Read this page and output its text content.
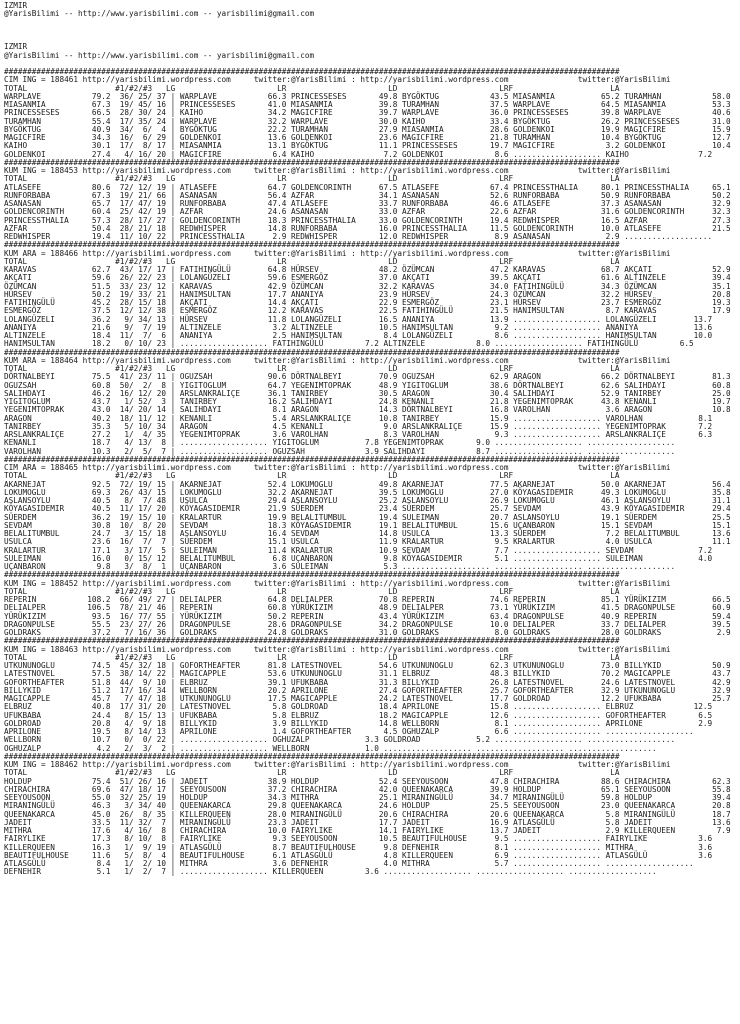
IZMIR
@YarisBilimi -- http://www.yarisbilimi.com -- yarisbilimi@gmail.com

IZMIR
@YarisBilimi -- http://www.yarisbilimi.com -- yarisbilimi@gmail.com

#####################################################################################################################################
CIM ING = 188461 http://yarisbilimi.wordpress.com     twitter:@YarisBilimi : http://yarisbilimi.wordpress.com               twitter:@YarisBilimi
TOTAL                   #1/#2/#3   LG                      LR                      LD                      LRF                     LA
WARPLAVE           79.2  36/ 25/ 37 | WARPLAVE           66.3 PRINCESSESES       49.8 BYGÖKTUG           43.5 MIASANMIA          65.2 TURAMHAN           58.0
MIASANMIA          67.3  19/ 45/ 16 | PRINCESSESES       41.0 MIASANMIA          39.8 TURAMHAN           37.5 WARPLAVE           64.5 MIASANMIA          53.3
PRINCESSESES       66.5  28/ 30/ 24 | KAIHO              34.2 MAGICFIRE          39.7 WARPLAVE           36.0 PRINCESSESES       39.8 WARPLAVE           40.6
TURAMHAN           55.4  17/ 35/ 24 | WARPLAVE           32.2 WARPLAVE           30.0 KAIHO              33.4 BYGÖKTUG           26.2 PRINCESSESES       31.0
BYGÖKTUG           40.9  34/  6/  4 | BYGÖKTUG           22.2 TURAMHAN           27.9 MIASANMIA          28.6 GOLDENKOI          19.9 MAGICFIRE          15.9
MAGICFIRE          34.3  16/  6/ 29 | GOLDENKOI          13.6 GOLDENKOI          23.6 MAGICFIRE          21.8 TURAMHAN           10.4 BYGÖKTUG           12.7
KAIHO              30.1  17/  8/ 17 | MIASANMIA          13.1 BYGÖKTUG           11.1 PRINCESSESES       19.7 MAGICFIRE           3.2 GOLDENKOI          10.4
GOLDENKOI          27.4   4/ 16/ 20 | MAGICFIRE           6.4 KAIHO               7.2 GOLDENKOI           8.6 ................... KAIHO               7.2
#####################################################################################################################################
KUM ING = 188453 http://yarisbilimi.wordpress.com     twitter:@YarisBilimi : http://yarisbilimi.wordpress.com               twitter:@YarisBilimi
TOTAL                   #1/#2/#3   LG                      LR                      LD                      LRF                     LA
ATLASEFE           80.6  72/ 12/ 19 | ATLASEFE           64.7 GOLDENCORINTH      67.5 ATLASEFE           67.4 PRINCESSTHALIA     80.1 PRINCESSTHALIA     65.1
RUNFORBABA         67.3  19/ 21/ 66 | ASANASAN           56.4 AZFAR              34.1 ASANASAN           52.6 RUNFORBABA         50.9 RUNFORBABA         50.2
ASANASAN           65.7  17/ 47/ 19 | RUNFORBABA         47.4 ATLASEFE           33.7 RUNFORBABA         46.6 ATLASEFE           37.3 ASANASAN           32.9
GOLDENCORINTH      60.4  25/ 42/ 19 | AZFAR              24.6 ASANASAN           33.0 AZFAR              22.6 AZFAR              31.6 GOLDENCORINTH      32.3
PRINCESSTHALIA     57.3  28/ 17/ 27 | GOLDENCORINTH      18.3 PRINCESSTHALIA     33.0 GOLDENCORINTH      19.4 REDWHISPER         16.5 AZFAR              27.3
AZFAR              50.4  28/ 21/ 18 | REDWHISPER         14.8 RUNFORBABA         16.0 PRINCESSTHALIA     11.5 GOLDENCORINTH      10.0 ATLASEFE           21.5
REDWHISPER         19.4  11/ 10/ 22 | PRINCESSTHALIA      2.9 REDWHISPER         12.0 REDWHISPER          8.9 ASANASAN            2.9 ...................
#####################################################################################################################################
KUM ARA = 188466 http://yarisbilimi.wordpress.com     twitter:@YarisBilimi : http://yarisbilimi.wordpress.com               twitter:@YarisBilimi
TOTAL                   #1/#2/#3   LG                      LR                      LD                      LRF                     LA
KARAVAS            62.7  43/ 17/ 17 | FATIHINGÜLÜ        64.8 HÜRSEV             48.2 ÖZÜMCAN            47.2 KARAVAS            68.7 AKÇATI             52.9
AKÇATI             59.6  26/ 22/ 23 | LOLANGÜZELI        59.6 ESMERGÖZ           37.0 AKÇATI             39.5 AKÇATI             61.6 ALTINZELE          39.4
ÖZÜMCAN            51.5  33/ 23/ 12 | KARAVAS            42.9 ÖZÜMCAN            32.2 KARAVAS            34.0 FATIHINGÜLÜ        34.3 ÖZÜMCAN            35.1
HÜRSEV             50.2  19/ 33/ 21 | HANIMSULTAN        17.7 ANANIYA            23.9 HÜRSEV             24.3 ÖZÜMCAN            32.2 HÜRSEV             20.8
FATIHINGÜLÜ        45.2  28/ 15/ 18 | AKÇATI             14.4 AKÇATI             22.9 ESMERGÖZ           23.1 HÜRSEV             23.7 ESMERGÖZ           19.3
ESMERGÖZ           37.5  12/ 12/ 38 | ESMERGÖZ           12.2 KARAVAS            22.5 FATIHINGÜLÜ        21.5 HANIMSULTAN         8.7 KARAVAS            17.9
LOLANGÜZELI        36.2   9/ 34/ 13 | HÜRSEV             11.8 LOLANGÜZELI        16.5 ANANIYA            13.9 ................... LOLANGÜZELI        13.7
ANANIYA            21.6   9/  7/ 19 | ALTINZELE           3.2 ALTINZELE          10.5 HANIMSULTAN         9.2 ................... ANANIYA            13.6
ALTINZELE          18.4  11/  7/  6 | ANANIYA             2.5 HANIMSULTAN         8.4 LOLANGÜZELI         8.6 ................... HANIMSULTAN        10.0
HANIMSULTAN        18.2   0/ 10/ 23 | ................... FATIHINGÜLÜ         7.2 ALTINZELE           8.0 ................... FATIHINGÜLÜ         6.5
#####################################################################################################################################
KUM ARA = 188464 http://yarisbilimi.wordpress.com     twitter:@YarisBilimi : http://yarisbilimi.wordpress.com               twitter:@YarisBilimi
TOTAL                   #1/#2/#3   LG                      LR                      LD                      LRF                     LA
DÖRTNALBEYI        75.5  41/ 23/ 11 | OGUZSAH            90.6 DÖRTNALBEYI        70.9 OGUZSAH            62.9 ARAGON             66.2 DÖRTNALBEYI        81.3
OGUZSAH            60.8  50/  2/  8 | YIGITOGLUM         64.7 YEGENIMTOPRAK      48.9 YIGITOGLUM         38.6 DÖRTNALBEYI        62.6 SALIHDAYI          60.8
SALIHDAYI          46.2  16/ 12/ 20 | ARSLANKRALIÇE      36.1 TANIRBEY           30.5 ARAGON             30.4 SALIHDAYI          52.9 TANIRBEY           25.0
YIGITOGLUM         43.7   1/ 52/  3 | TANIRBEY           16.2 SALIHDAYI          24.8 KENANLI            21.8 YEGENIMTOPRAK      43.8 KENANLI            19.7
YEGENIMTOPRAK      43.0  14/ 20/ 14 | SALIHDAYI           8.1 ARAGON             14.3 DÖRTNALBEYI        16.8 VAROLHAN            3.6 ARAGON             10.8
ARAGON             40.2  18/ 11/ 12 | KENANLI             5.4 ARSLANKRALIÇE      10.8 TANIRBEY           15.9 ................... VAROLHAN            8.1
TANIRBEY           35.3   5/ 10/ 34 | ARAGON              4.5 KENANLI             9.0 ARSLANKRALIÇE      15.9 ................... YEGENIMTOPRAK       7.2
ARSLANKRALIÇE      27.2   1/  4/ 35 | YEGENIMTOPRAK       3.6 VAROLHAN            8.3 VAROLHAN            9.3 ................... ARSLANKRALIÇE       6.3
KENANLI            18.7   4/ 13/  8 | ................... YIGITOGLUM          7.8 YEGENIMTOPRAK       9.0 ................... ...................
VAROLHAN           10.3   2/  5/  7 | ................... OGUZSAH             3.9 SALIHDAYI           8.7 ................... ...................
#####################################################################################################################################
CIM ARA = 188465 http://yarisbilimi.wordpress.com     twitter:@YarisBilimi : http://yarisbilimi.wordpress.com               twitter:@YarisBilimi
TOTAL                   #1/#2/#3   LG                      LR                      LD                      LRF                     LA
AKARNEJAT          92.5  72/ 19/ 15 | AKARNEJAT          52.4 LOKUMOGLU          49.8 AKARNEJAT          77.5 AKARNEJAT          50.0 AKARNEJAT          56.4
LOKUMOGLU          69.3  26/ 43/ 15 | LOKUMOGLU          32.2 AKARNEJAT          39.5 LOKUMOGLU          27.0 KÖYAGASIDEMIR      49.3 LOKUMOGLU          35.8
ASLANSOYLU         40.5   8/  7/ 48 | USULCA             29.4 ASLANSOYLU         25.2 ASLANSOYLU         26.9 LOKUMOGLU          46.1 ASLANSOYLU         31.1
KÖYAGASIDEMIR      40.5  11/ 17/ 20 | KÖYAGASIDEMIR      21.9 SÜERDEM            23.4 SÜERDEM            25.7 SEVDAM             43.9 KÖYAGASIDEMIR      29.4
SÜERDEM            36.2  19/ 15/ 10 | KRALARTUR          19.9 BELALITUMBUL       19.4 SULEIMAN           20.7 ASLANSOYLU         19.1 SÜERDEM            25.5
SEVDAM             30.8  10/  8/ 20 | SEVDAM             18.3 KÖYAGASIDEMIR      19.1 BELALITUMBUL       15.6 UÇANBARON          15.1 SEVDAM             15.1
BELALITUMBUL       24.7   3/ 15/ 18 | ASLANSOYLU         16.4 SEVDAM             14.8 USULCA             13.3 SÜERDEM             7.2 BELALITUMBUL       13.6
USULCA             23.6  16/  7/  7 | SÜERDEM            15.1 USULCA             11.9 KRALARTUR           9.5 KRALARTUR           4.0 USULCA             11.1
KRALARTUR          17.1   3/ 17/  5 | SULEIMAN           11.4 KRALARTUR          10.9 SEVDAM              7.7 ................... SEVDAM              7.2
SULEIMAN           16.0   0/ 15/ 12 | BELALITUMBUL        6.8 UÇANBARON           9.8 KÖYAGASIDEMIR       5.1 ................... SULEIMAN            4.0
UÇANBARON           9.8   3/  8/  1 | UÇANBARON           3.6 SULEIMAN            5.3 ................... ................... ...................
#####################################################################################################################################
KUM ING = 188452 http://yarisbilimi.wordpress.com     twitter:@YarisBilimi : http://yarisbilimi.wordpress.com               twitter:@YarisBilimi
TOTAL                   #1/#2/#3   LG                      LR                      LD                      LRF                     LA
REPERIN           108.2  66/ 49/ 27 | DELIALPER          64.8 DELIALPER          70.8 REPERIN            74.6 REPERIN            85.1 YÜRÜKIZIM          66.5
DELIALPER         106.5  78/ 21/ 46 | REPERIN            60.8 YÜRÜKIZIM          48.9 DELIALPER          73.1 YÜRÜKIZIM          41.5 DRAGONPULSE        60.9
YÜRÜKIZIM          93.5  16/ 77/ 55 | YÜRÜKIZIM          50.2 REPERIN            43.4 YÜRÜKIZIM          63.4 DRAGONPULSE        40.9 REPERIN            59.4
DRAGONPULSE        55.5  23/ 27/ 26 | DRAGONPULSE        28.6 DRAGONPULSE        34.2 DRAGONPULSE        10.0 DELIALPER          33.7 DELIALPER          39.5
GOLDRAKS           37.2   7/ 16/ 36 | GOLDRAKS           24.8 GOLDRAKS           31.0 GOLDRAKS            8.0 GOLDRAKS           28.0 GOLDRAKS            2.9
#####################################################################################################################################
KUM ING = 188463 http://yarisbilimi.wordpress.com     twitter:@YarisBilimi : http://yarisbilimi.wordpress.com               twitter:@YarisBilimi
TOTAL                   #1/#2/#3   LG                      LR                      LD                      LRF                     LA
UTKUNUNOGLU        74.5  45/ 32/ 18 | GOFORTHEAFTER      81.8 LATESTNOVEL        54.6 UTKUNUNOGLU        62.3 UTKUNUNOGLU        73.0 BILLYKID           50.9
LATESTNOVEL        57.5  38/ 14/ 22 | MAGICAPPLE         53.6 UTKUNUNOGLU        31.1 ELBRUZ             48.3 BILLYKID           70.2 MAGICAPPLE         43.7
GOFORTHEAFTER      51.8  44/  9/ 10 | ELBRUZ             39.1 UFUKBABA           31.3 BILLYKID           26.8 LATESTNOVEL        24.6 LATESTNOVEL        42.9
BILLYKID           51.2  17/ 16/ 34 | WELLBORN           20.2 APRILONE           27.4 GOFORTHEAFTER      25.7 GOFORTHEAFTER      32.9 UTKUNUNOGLU        32.9
MAGICAPPLE         45.7   7/ 47/ 18 | UTKUNUNOGLU        17.5 MAGICAPPLE         24.2 LATESTNOVEL        17.7 GOLDROAD           12.2 UFUKBABA           25.7
ELBRUZ             40.8  17/ 31/ 20 | LATESTNOVEL         5.8 GOLDROAD           18.4 APRILONE           15.8 ................... ELBRUZ             12.5
UFUKBABA           24.4   8/ 15/ 13 | UFUKBABA            5.8 ELBRUZ             18.2 MAGICAPPLE         12.6 ................... GOFORTHEAFTER       6.5
GOLDROAD           20.8   4/  9/ 18 | BILLYKID            3.9 BILLYKID           14.8 WELLBORN            8.1 ................... APRILONE            2.9
APRILONE           19.5   8/ 14/ 13 | APRILONE            1.4 GOFORTHEAFTER       4.5 OGHUZALP            6.6 ................... ...................
WELLBORN           10.7   0/  0/ 22 | ................... OGHUZALP            3.3 GOLDROAD            5.2 ................... ...................
OGHUZALP            4.2   2/  3/  2 | ................... WELLBORN            1.0 ................... ................... ...................
#####################################################################################################################################
KUM ING = 188462 http://yarisbilimi.wordpress.com     twitter:@YarisBilimi : http://yarisbilimi.wordpress.com               twitter:@YarisBilimi
TOTAL                   #1/#2/#3   LG                      LR                      LD                      LRF                     LA
HOLDUP             75.4  51/ 26/ 16 | JADEIT             38.9 HOLDUP             52.4 SEEYOUSOON         47.8 CHIRACHIRA         88.6 CHIRACHIRA         62.3
CHIRACHIRA         69.6  47/ 18/ 17 | SEEYOUSOON         37.2 CHIRACHIRA         42.0 QUEENAKARCA        39.9 HOLDUP             65.1 SEEYOUSOON         55.8
SEEYOUSOON         55.0  32/ 25/ 19 | HOLDUP             34.3 MITHRA             25.1 MIRANINGÜLÜ        34.7 MIRANINGÜLÜ        59.8 HOLDUP             39.4
MIRANINGÜLÜ        46.3   3/ 34/ 40 | QUEENAKARCA        29.8 QUEENAKARCA        24.6 HOLDUP             25.5 SEEYOUSOON         23.0 QUEENAKARCA        20.8
QUEENAKARCA        45.0  26/  8/ 35 | KILLERQUEEN        28.0 MIRANINGÜLÜ        20.6 CHIRACHIRA         20.6 QUEENAKARCA         5.8 MIRANINGÜLÜ        18.7
JADEIT             33.5  11/ 32/  7 | MIRANINGÜLÜ        23.3 JADEIT             17.7 JADEIT             16.9 ATLASGÜLÜ           5.8 JADEIT             13.6
MITHRA             17.6   4/ 16/  8 | CHIRACHIRA         10.0 FAIRYLIKE          14.1 FAIRYLIKE          13.7 JADEIT              2.9 KILLERQUEEN         7.9
FAIRYLIKE          17.3   8/ 10/  8 | FAIRYLIKE           9.3 SEEYOUSOON         10.5 BEAUTIFULHOUSE      9.5 ................... FAIRYLIKE           3.6
KILLERQUEEN        16.3   1/  9/ 19 | ATLASGÜLÜ           8.7 BEAUTIFULHOUSE      9.8 DEFNEHIR            8.1 ................... MITHRA              3.6
BEAUTIFULHOUSE     11.6   5/  8/  4 | BEAUTIFULHOUSE      6.1 ATLASGÜLÜ           4.8 KILLERQUEEN         6.9 ................... ATLASGÜLÜ           3.6
ATLASGÜLÜ           8.4   1/  2/ 10 | MITHRA              3.6 DEFNEHIR            4.0 MITHRA              5.7 ................... ...................
DEFNEHIR            5.1   1/  2/  7 | ................... KILLERQUEEN         3.6 ................... ................... ...................
